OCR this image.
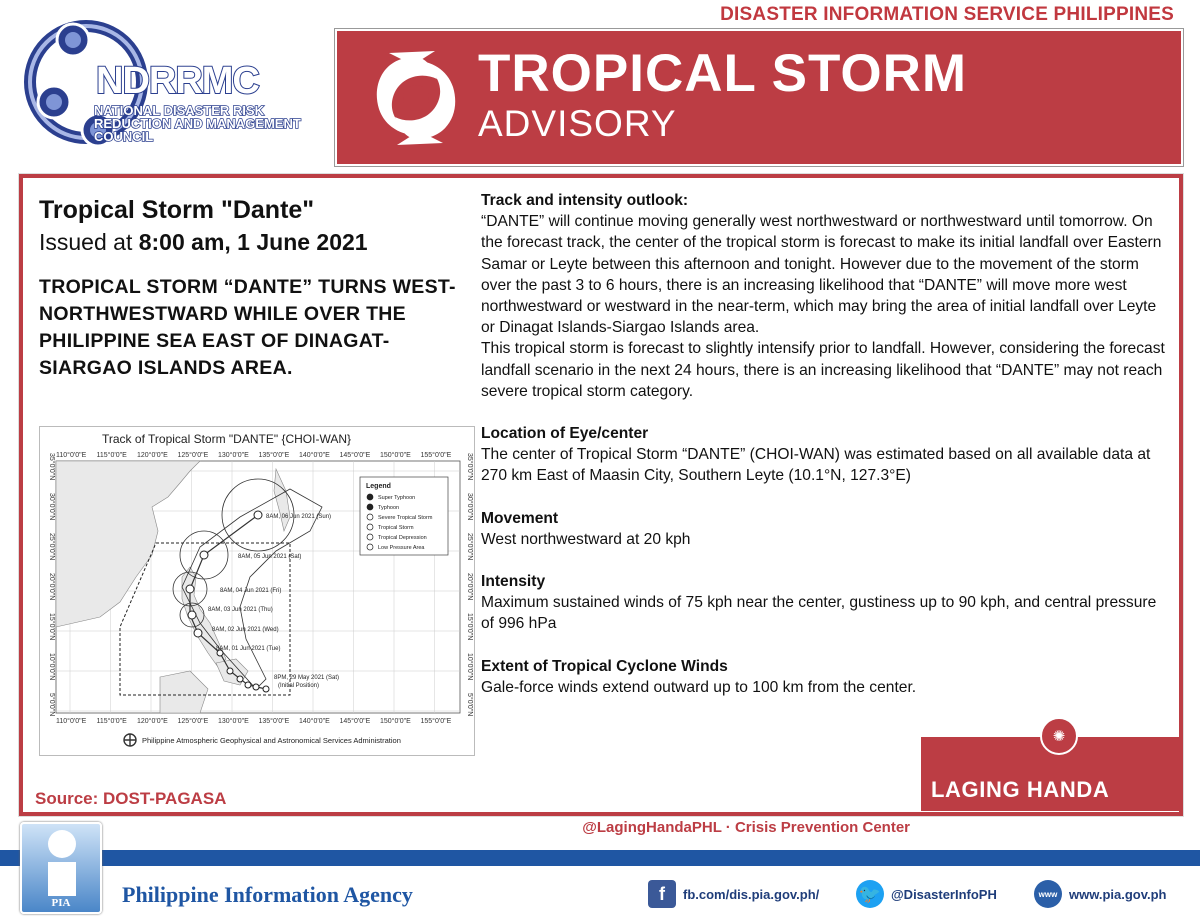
NDRRMC
NATIONAL DISASTER RISK REDUCTION AND MANAGEMENT COUNCIL
DISASTER INFORMATION SERVICE PHILIPPINES
TROPICAL STORM
ADVISORY
Tropical Storm "Dante"
Issued at 8:00 am, 1 June 2021
TROPICAL STORM “DANTE” TURNS WEST-NORTHWESTWARD WHILE OVER THE PHILIPPINE SEA EAST OF DINAGAT-SIARGAO ISLANDS AREA.
Track of Tropical Storm "DANTE" {CHOI-WAN}
110°0'0"E 115°0'0"E 120°0'0"E 125°0'0"E 130°0'0"E 135°0'0"E 140°0'0"E 145°0'0"E 150°0'0"E 155°0'0"E
110°0'0"E 115°0'0"E 120°0'0"E 125°0'0"E 130°0'0"E 135°0'0"E 140°0'0"E 145°0'0"E 150°0'0"E 155°0'0"E
35°0'0"N
30°0'0"N
25°0'0"N
20°0'0"N
15°0'0"N
10°0'0"N
5°0'0"N
35°0'0"N
30°0'0"N
25°0'0"N
20°0'0"N
15°0'0"N
10°0'0"N
5°0'0"N
8AM, 06 Jun 2021 (Sun)
8AM, 05 Jun 2021 (Sat)
8AM, 04 Jun 2021 (Fri)
8AM, 03 Jun 2021 (Thu)
8AM, 02 Jun 2021 (Wed)
8AM, 01 Jun 2021 (Tue)
8PM, 29 May 2021 (Sat)
(Initial Position)
Legend
Super Typhoon
Typhoon
Severe Tropical Storm
Tropical Storm
Tropical Depression
Low Pressure Area
Philippine Atmospheric Geophysical and Astronomical Services Administration
Source: DOST-PAGASA
Track and intensity outlook:

“DANTE” will continue moving generally west northwestward or northwestward until tomorrow. On the forecast track, the center of the tropical storm is forecast to make its initial landfall over Eastern Samar or Leyte between this afternoon and tonight. However due to the movement of the storm over the past 3 to 6 hours, there is an increasing likelihood that “DANTE” will move more west northwestward or westward in the near-term, which may bring the area of initial landfall over Leyte or Dinagat Islands-Siargao Islands area.

This tropical storm is forecast to slightly intensify prior to landfall. However, considering the forecast landfall scenario in the next 24 hours, there is an increasing likelihood that “DANTE” may not reach severe tropical storm category.

Location of Eye/center

The center of Tropical Storm “DANTE” (CHOI-WAN) was estimated based on all available data at 270 km East of Maasin City, Southern Leyte (10.1°N, 127.3°E)

Movement

West northwestward at 20 kph

Intensity

Maximum sustained winds of 75 kph near the center, gustiness up to 90 kph, and central pressure of 996 hPa

Extent of Tropical Cyclone Winds

Gale-force winds extend outward up to 100 km from the center.

✺
LAGING HANDA
@LagingHandaPHL · Crisis Prevention Center
PIA	Philippine Information Agency	f	fb.com/dis.pia.gov.ph/ 🐦 @DisasterInfoPH	www www.pia.gov.ph
